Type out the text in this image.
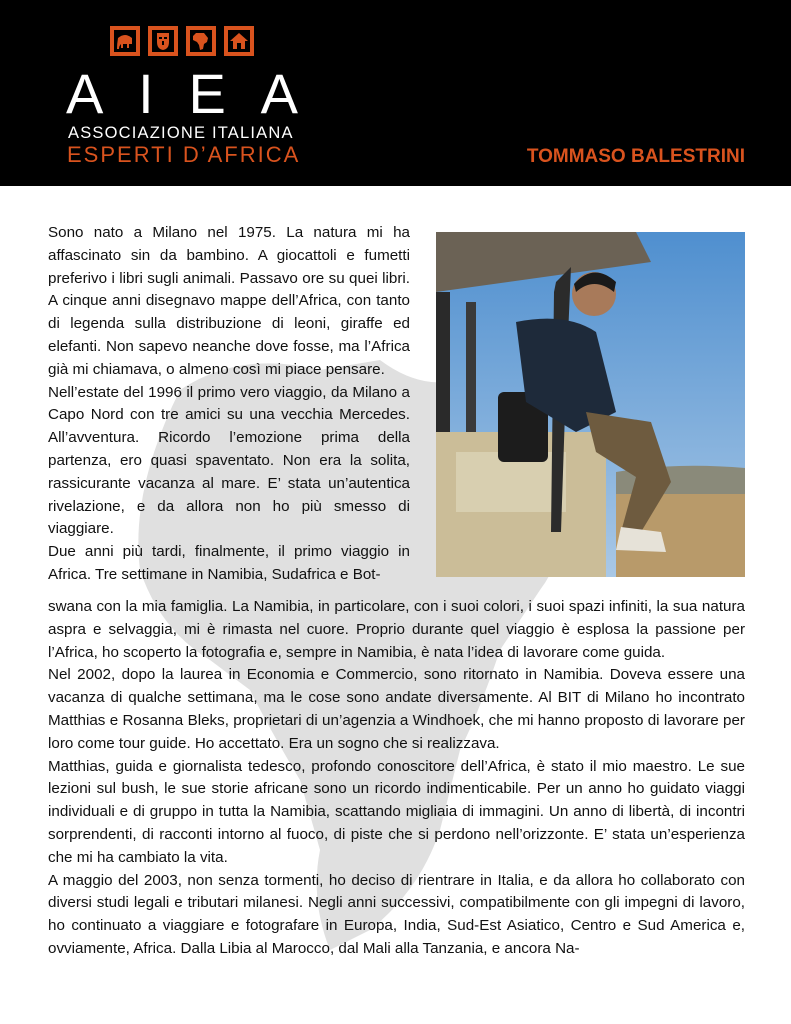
A I E A
ASSOCIAZIONE ITALIANA
ESPERTI D’AFRICA	TOMMASO BALESTRINI

Sono nato a Milano nel 1975. La natura mi ha affascinato sin da bambino. A giocattoli e fumetti preferivo i libri sugli animali. Passavo ore su quei libri. A cinque anni disegnavo mappe dell’Africa, con tanto di legenda sulla distribuzione di leoni, giraffe ed elefanti. Non sapevo neanche dove fosse, ma l’Africa già mi chiamava, o almeno così mi piace pensare.

Nell’estate del 1996 il primo vero viaggio, da Milano a Capo Nord con tre amici su una vecchia Mercedes. All’avventura. Ricordo l’emozione prima della partenza, ero quasi spaventato. Non era la solita, rassicurante vacanza al mare. E’ stata un’autentica rivelazione, e da allora non ho più smesso di viaggiare.

Due anni più tardi, finalmente, il primo viaggio in Africa. Tre settimane in Namibia, Sudafrica e Bot-

swana con la mia famiglia. La Namibia, in particolare, con i suoi colori, i suoi spazi infiniti, la sua natura aspra e selvaggia, mi è rimasta nel cuore. Proprio durante quel viaggio è esplosa la passione per l’Africa, ho scoperto la fotografia e, sempre in Namibia, è nata l’idea di lavorare come guida.

Nel 2002, dopo la laurea in Economia e Commercio, sono ritornato in Namibia. Doveva essere una vacanza di qualche settimana, ma le cose sono andate diversamente. Al BIT di Milano ho incontrato Matthias e Rosanna Bleks, proprietari di un’agenzia a Windhoek, che mi hanno proposto di lavorare per loro come tour guide. Ho accettato. Era un sogno che si realizzava.

Matthias, guida e giornalista tedesco, profondo conoscitore dell’Africa, è stato il mio maestro. Le sue lezioni sul bush, le sue storie africane sono un ricordo indimenticabile. Per un anno ho guidato viaggi individuali e di gruppo in tutta la Namibia, scattando migliaia di immagini. Un anno di libertà, di incontri sorprendenti, di racconti intorno al fuoco, di piste che si perdono nell’orizzonte. E’ stata un’esperienza che mi ha cambiato la vita.

A maggio del 2003, non senza tormenti, ho deciso di rientrare in Italia, e da allora ho collaborato con diversi studi legali e tributari milanesi. Negli anni successivi, compatibilmente con gli impegni di lavoro, ho continuato a viaggiare e fotografare in Europa, India, Sud-Est Asiatico, Centro e Sud America e, ovviamente, Africa. Dalla Libia al Marocco, dal Mali alla Tanzania, e ancora Na-
